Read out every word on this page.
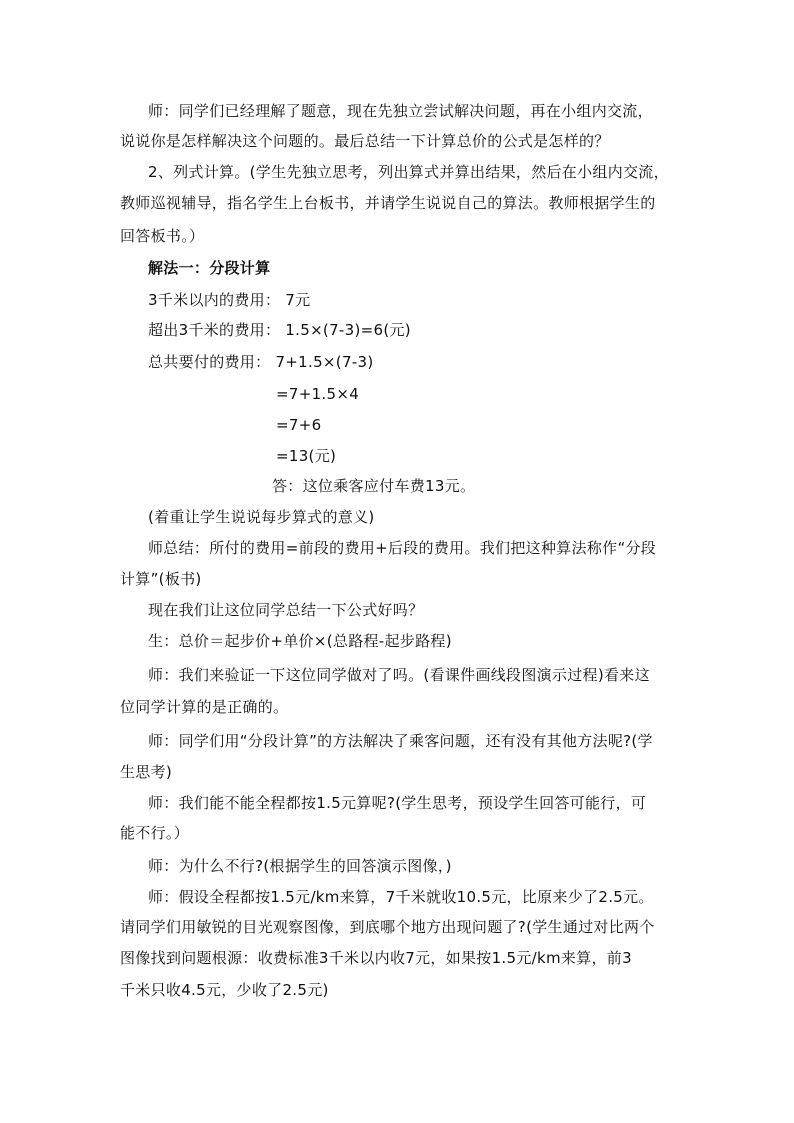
师：同学们已经理解了题意，现在先独立尝试解决问题，再在小组内交流，
说说你是怎样解决这个问题的。最后总结一下计算总价的公式是怎样的？
2、列式计算。(学生先独立思考，列出算式并算出结果，然后在小组内交流，
教师巡视辅导，指名学生上台板书，并请学生说说自己的算法。教师根据学生的
回答板书。）
解法一：分段计算
3千米以内的费用： 7元
超出3千米的费用： 1.5×(7-3)=6(元)
总共要付的费用： 7+1.5×(7-3)
=7+1.5×4
=7+6
=13(元)
答：这位乘客应付车费13元。
(着重让学生说说每步算式的意义)
师总结：所付的费用=前段的费用+后段的费用。我们把这种算法称作“分段
计算”(板书)
现在我们让这位同学总结一下公式好吗？
生：总价＝起步价+单价×(总路程-起步路程)
师：我们来验证一下这位同学做对了吗。(看课件画线段图演示过程)看来这
位同学计算的是正确的。
师：同学们用“分段计算”的方法解决了乘客问题，还有没有其他方法呢?(学
生思考)
师：我们能不能全程都按1.5元算呢?(学生思考，预设学生回答可能行，可
能不行。）
师：为什么不行?(根据学生的回答演示图像，)
师：假设全程都按1.5元/km来算，7千米就收10.5元，比原来少了2.5元。
请同学们用敏锐的目光观察图像，到底哪个地方出现问题了?(学生通过对比两个
图像找到问题根源：收费标准3千米以内收7元，如果按1.5元/km来算，前3
千米只收4.5元，少收了2.5元)
